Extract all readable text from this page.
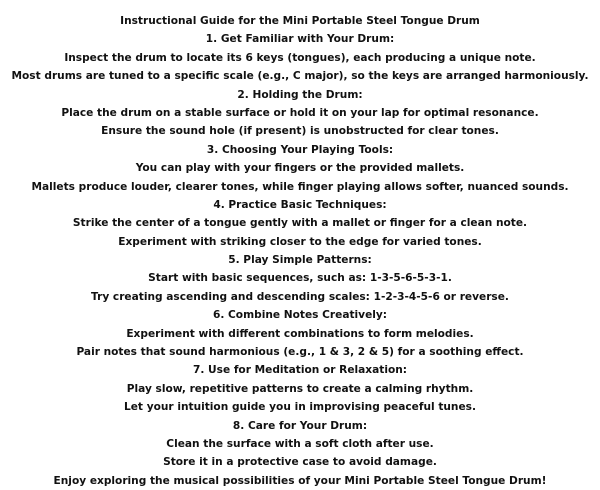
Instructional Guide for the Mini Portable Steel Tongue Drum
1. Get Familiar with Your Drum:
Inspect the drum to locate its 6 keys (tongues), each producing a unique note.
Most drums are tuned to a specific scale (e.g., C major), so the keys are arranged harmoniously.
2. Holding the Drum:
Place the drum on a stable surface or hold it on your lap for optimal resonance.
Ensure the sound hole (if present) is unobstructed for clear tones.
3. Choosing Your Playing Tools:
You can play with your fingers or the provided mallets.
Mallets produce louder, clearer tones, while finger playing allows softer, nuanced sounds.
4. Practice Basic Techniques:
Strike the center of a tongue gently with a mallet or finger for a clean note.
Experiment with striking closer to the edge for varied tones.
5. Play Simple Patterns:
Start with basic sequences, such as: 1-3-5-6-5-3-1.
Try creating ascending and descending scales: 1-2-3-4-5-6 or reverse.
6. Combine Notes Creatively:
Experiment with different combinations to form melodies.
Pair notes that sound harmonious (e.g., 1 & 3, 2 & 5) for a soothing effect.
7. Use for Meditation or Relaxation:
Play slow, repetitive patterns to create a calming rhythm.
Let your intuition guide you in improvising peaceful tunes.
8. Care for Your Drum:
Clean the surface with a soft cloth after use.
Store it in a protective case to avoid damage.
Enjoy exploring the musical possibilities of your Mini Portable Steel Tongue Drum!
